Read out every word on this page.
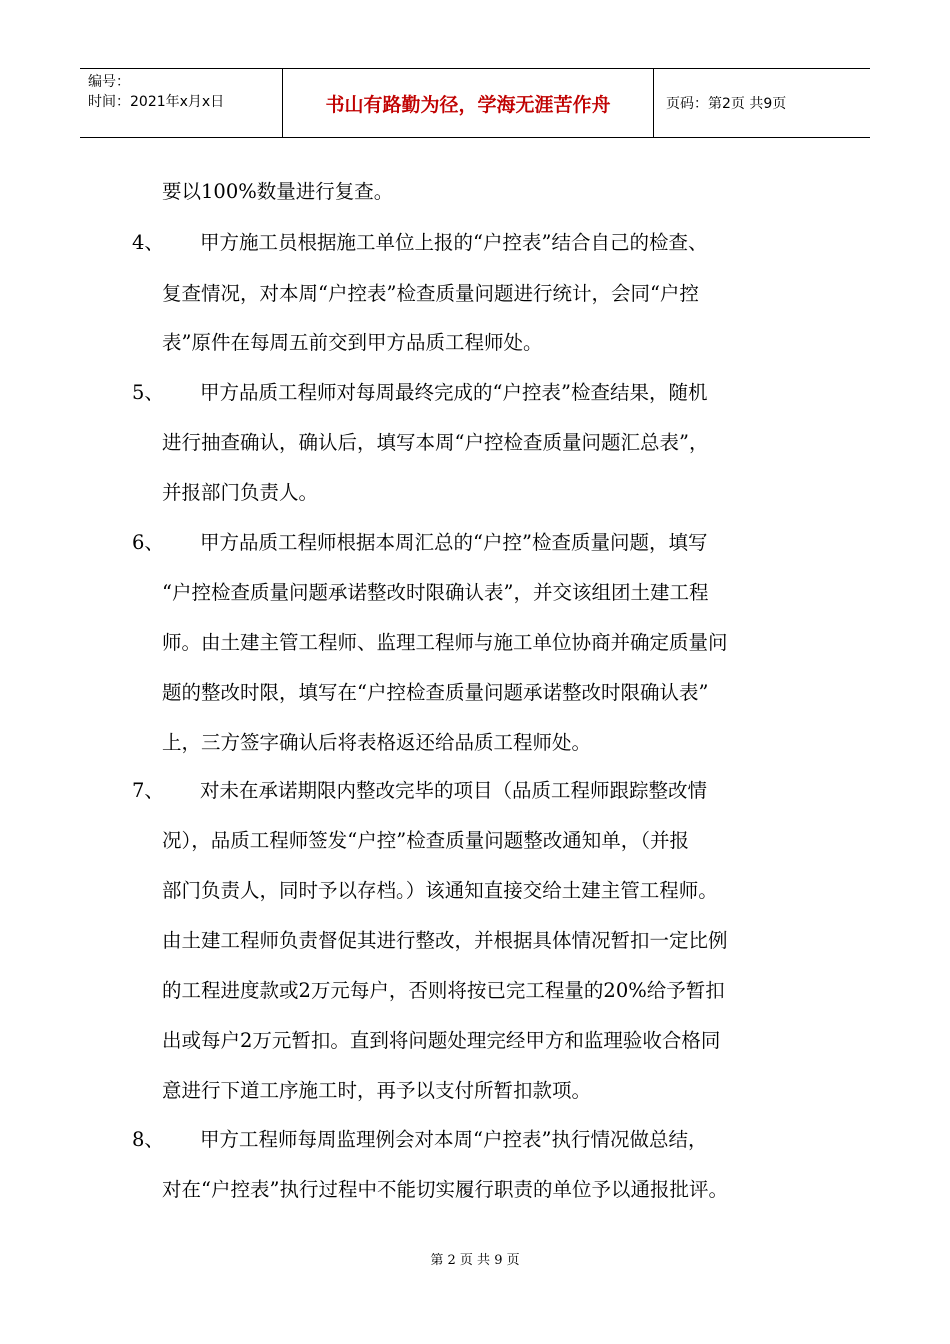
编号：
时间：2021年x月x日	书山有路勤为径，学海无涯苦作舟	页码：第2页 共9页
要以100%数量进行复查。
4、 甲方施工员根据施工单位上报的“户控表”结合自己的检查、
复查情况，对本周“户控表”检查质量问题进行统计，会同“户控
表”原件在每周五前交到甲方品质工程师处。
5、 甲方品质工程师对每周最终完成的“户控表”检查结果，随机
进行抽查确认，确认后，填写本周“户控检查质量问题汇总表”，
并报部门负责人。
6、 甲方品质工程师根据本周汇总的“户控”检查质量问题，填写
“户控检查质量问题承诺整改时限确认表”，并交该组团土建工程
师。由土建主管工程师、监理工程师与施工单位协商并确定质量问
题的整改时限，填写在“户控检查质量问题承诺整改时限确认表”
上，三方签字确认后将表格返还给品质工程师处。
7、 对未在承诺期限内整改完毕的项目（品质工程师跟踪整改情
况），品质工程师签发“户控”检查质量问题整改通知单，（并报
部门负责人，同时予以存档。）该通知直接交给土建主管工程师。
由土建工程师负责督促其进行整改，并根据具体情况暂扣一定比例
的工程进度款或2万元每户，否则将按已完工程量的20%给予暂扣
出或每户2万元暂扣。直到将问题处理完经甲方和监理验收合格同
意进行下道工序施工时，再予以支付所暂扣款项。
8、 甲方工程师每周监理例会对本周“户控表”执行情况做总结，
对在“户控表”执行过程中不能切实履行职责的单位予以通报批评。
第 2 页 共 9 页
